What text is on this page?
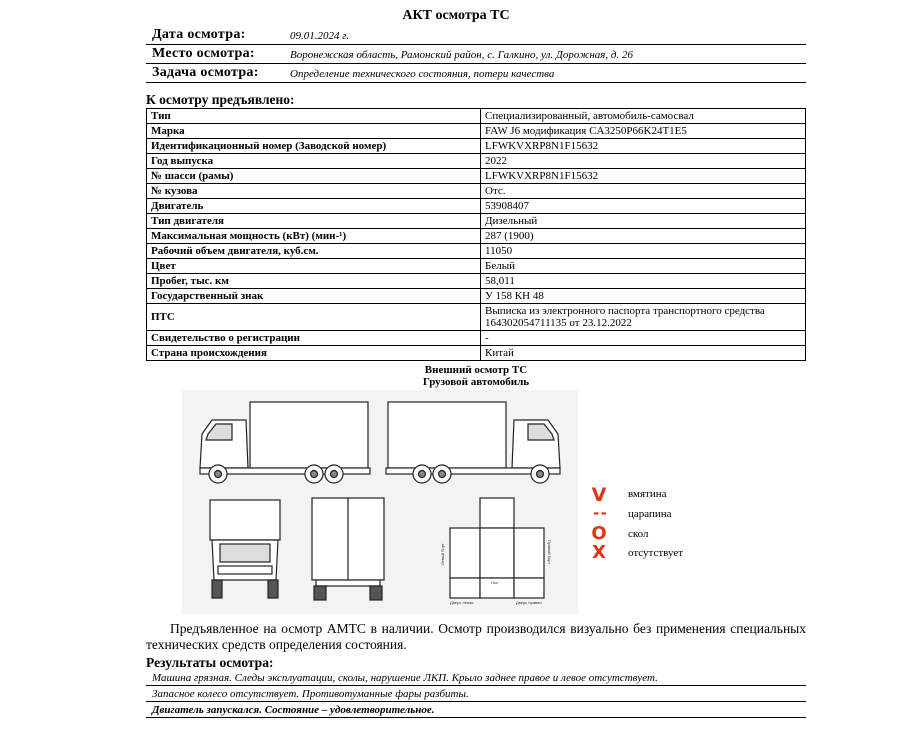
АКТ осмотра ТС
Дата осмотра:	09.01.2024 г.
Место осмотра:	Воронежская область, Рамонский район, с. Галкино, ул. Дорожная, д. 26
Задача осмотра:	Определение технического состояния, потери качества
К осмотру предъявлено:
Тип	Специализированный, автомобиль-самосвал
Марка	FAW J6 модификация CA3250P66K24T1E5
Идентификационный номер (Заводской номер)	LFWKVXRP8N1F15632
Год выпуска	2022
№ шасси (рамы)	LFWKVXRP8N1F15632
№ кузова	Отс.
Двигатель	53908407
Тип двигателя	Дизельный
Максимальная мощность (кВт) (мин-¹)	287 (1900)
Рабочий объем двигателя, куб.см.	11050
Цвет	Белый
Пробег, тыс. км	58,011
Государственный знак	У 158 КН 48
ПТС	Выписка из электронного паспорта транспортного средства 164302054711135 от 23.12.2022
Свидетельство о регистрации	-
Страна происхождения	Китай
Внешний осмотр ТС
Грузовой автомобиль
Левый борт	Правый борт
Пол
Дверь левая	Дверь правая
V вмятина
- - царапина
O скол
X отсутствует
Предъявленное на осмотр АМТС в наличии. Осмотр производился визуально без применения специальных технических средств определения состояния.
Результаты осмотра:
Машина грязная. Следы эксплуатации, сколы, нарушение ЛКП. Крыло заднее правое и левое отсутствует.
Запасное колесо отсутствует. Противотуманные фары разбиты.
Двигатель запускался. Состояние – удовлетворительное.
